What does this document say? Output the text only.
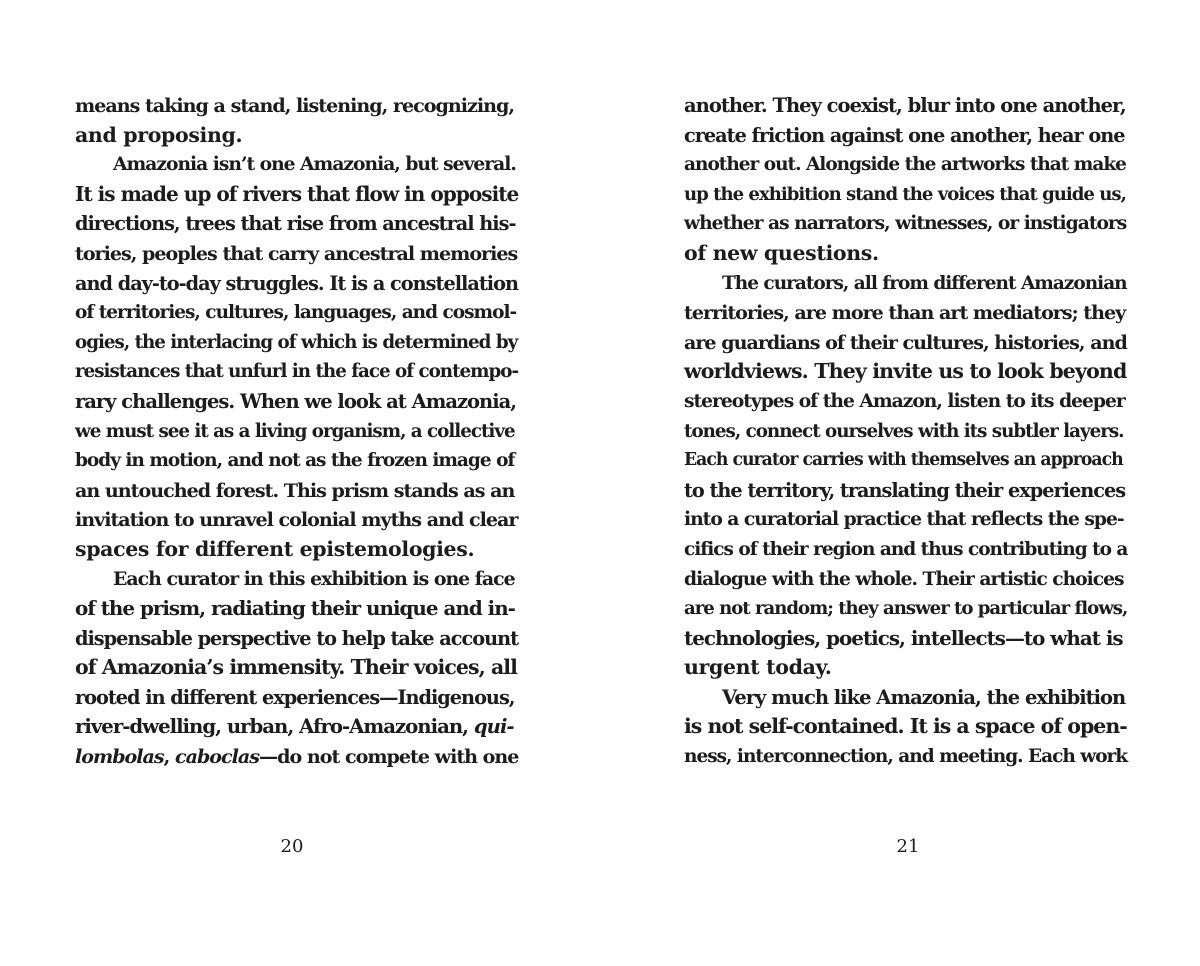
means taking a stand, listening, recognizing,
and proposing.
Amazonia isn’t one Amazonia, but several.
It is made up of rivers that flow in opposite
directions, trees that rise from ancestral his-
tories, peoples that carry ancestral memories
and day-to-day struggles. It is a constellation
of territories, cultures, languages, and cosmol-
ogies, the interlacing of which is determined by
resistances that unfurl in the face of contempo-
rary challenges. When we look at Amazonia,
we must see it as a living organism, a collective
body in motion, and not as the frozen image of
an untouched forest. This prism stands as an
invitation to unravel colonial myths and clear
spaces for different epistemologies.
Each curator in this exhibition is one face
of the prism, radiating their unique and in-
dispensable perspective to help take account
of Amazonia’s immensity. Their voices, all
rooted in different experiences—Indigenous,
river-dwelling, urban, Afro-Amazonian, qui-
lombolas, caboclas—do not compete with one
20
another. They coexist, blur into one another,
create friction against one another, hear one
another out. Alongside the artworks that make
up the exhibition stand the voices that guide us,
whether as narrators, witnesses, or instigators
of new questions.
The curators, all from different Amazonian
territories, are more than art mediators; they
are guardians of their cultures, histories, and
worldviews. They invite us to look beyond
stereotypes of the Amazon, listen to its deeper
tones, connect ourselves with its subtler layers.
Each curator carries with themselves an approach
to the territory, translating their experiences
into a curatorial practice that reflects the spe-
cifics of their region and thus contributing to a
dialogue with the whole. Their artistic choices
are not random; they answer to particular flows,
technologies, poetics, intellects—to what is
urgent today.
Very much like Amazonia, the exhibition
is not self-contained. It is a space of open-
ness, interconnection, and meeting. Each work
21
